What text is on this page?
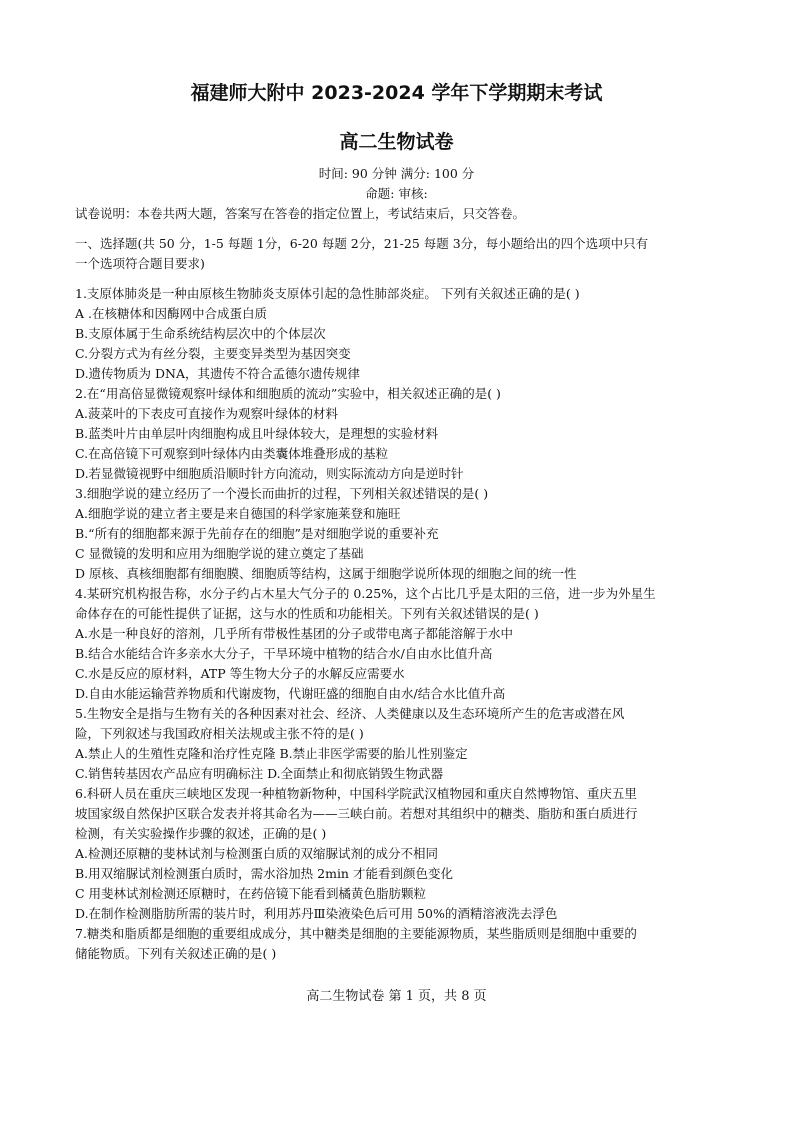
福建师大附中 2023-2024 学年下学期期末考试
高二生物试卷
时间: 90 分钟 满分: 100 分
命题: 审核:

试卷说明：本卷共两大题，答案写在答卷的指定位置上，考试结束后，只交答卷。

一、选择题(共 50 分，1-5 每题 1分，6-20 每题 2分，21-25 每题 3分，每小题给出的四个选项中只有

一个选项符合题目要求)

1.支原体肺炎是一种由原核生物肺炎支原体引起的急性肺部炎症。 下列有关叙述正确的是( )

A .在核糖体和因酶网中合成蛋白质

B.支原体属于生命系统结构层次中的个体层次

C.分裂方式为有丝分裂，主要变异类型为基因突变

D.遗传物质为 DNA，其遗传不符合孟德尔遗传规律

2.在“用高倍显微镜观察叶绿体和细胞质的流动”实验中，相关叙述正确的是( )

A.菠菜叶的下表皮可直接作为观察叶绿体的材料

B.蓝类叶片由单层叶肉细胞构成且叶绿体较大，是理想的实验材料

C.在高倍镜下可观察到叶绿体内由类囊体堆叠形成的基粒

D.若显微镜视野中细胞质沿顺时针方向流动，则实际流动方向是逆时针

3.细胞学说的建立经历了一个漫长而曲折的过程，下列相关叙述错误的是( )

A.细胞学说的建立者主要是来自德国的科学家施莱登和施旺

B.“所有的细胞都来源于先前存在的细胞”是对细胞学说的重要补充

C 显微镜的发明和应用为细胞学说的建立奠定了基础

D 原核、真核细胞都有细胞膜、细胞质等结构，这属于细胞学说所体现的细胞之间的统一性

4.某研究机构报告称，水分子约占木星大气分子的 0.25%，这个占比几乎是太阳的三倍，进一步为外星生

命体存在的可能性提供了证据，这与水的性质和功能相关。下列有关叙述错误的是( )

A.水是一种良好的溶剂，几乎所有带极性基团的分子或带电离子都能溶解于水中

B.结合水能结合许多亲水大分子，干旱环境中植物的结合水/自由水比值升高

C.水是反应的原材料，ATP 等生物大分子的水解反应需要水

D.自由水能运输营养物质和代谢废物，代谢旺盛的细胞自由水/结合水比值升高

5.生物安全是指与生物有关的各种因素对社会、经济、人类健康以及生态环境所产生的危害或潜在风

险，下列叙述与我国政府相关法规或主张不符的是( )

A.禁止人的生殖性克隆和治疗性克隆 B.禁止非医学需要的胎儿性别鉴定

C.销售转基因农产品应有明确标注 D.全面禁止和彻底销毁生物武器

6.科研人员在重庆三峡地区发现一种植物新物种，中国科学院武汉植物园和重庆自然博物馆、重庆五里

坡国家级自然保护区联合发表并将其命名为——三峡白前。若想对其组织中的糖类、脂肪和蛋白质进行

检测，有关实验操作步骤的叙述，正确的是( )

A.检测还原糖的斐林试剂与检测蛋白质的双缩脲试剂的成分不相同

B.用双缩脲试剂检测蛋白质时，需水浴加热 2min 才能看到颜色变化

C 用斐林试剂检测还原糖时，在药倍镜下能看到橘黄色脂肪颗粒

D.在制作检测脂肪所需的装片时，利用苏丹Ⅲ染液染色后可用 50%的酒精溶液洗去浮色

7.糖类和脂质都是细胞的重要组成成分，其中糖类是细胞的主要能源物质，某些脂质则是细胞中重要的

储能物质。下列有关叙述正确的是( )

高二生物试卷 第 1 页，共 8 页
